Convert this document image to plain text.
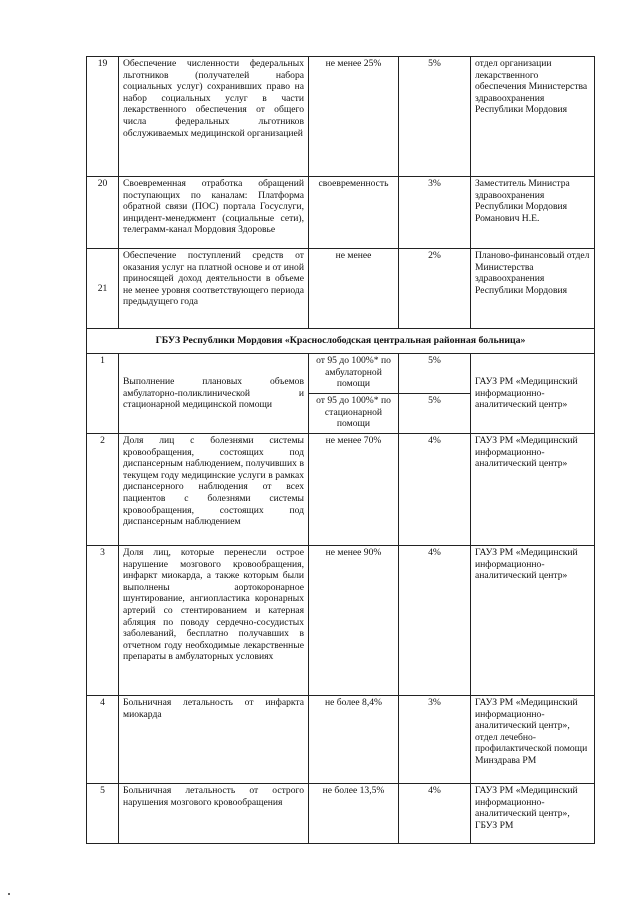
19	Обеспечение численности федеральных льготников (получателей набора социальных услуг) сохранивших право на набор социальных услуг в части лекарственного обеспечения от общего числа федеральных льготников обслуживаемых медицинской организацией	не менее 25%	5%	отдел организации лекарственного обеспечения Министерства здравоохранения Республики Мордовия
20	Своевременная отработка обращений поступающих по каналам: Платформа обратной связи (ПОС) портала Госуслуги, инцидент-менеджмент (социальные сети), телеграмм-канал Мордовия Здоровье	своевременность	3%	Заместитель Министра здравоохранения Республики Мордовия Романович Н.Е.
21	Обеспечение поступлений средств от оказания услуг на платной основе и от иной приносящей доход деятельности в объеме не менее уровня соответствующего периода предыдущего года	не менее	2%	Планово-финансовый отдел Министерства здравоохранения Республики Мордовия
ГБУЗ Республики Мордовия «Краснослободская центральная районная больница»				
1	Выполнение плановых объемов амбулаторно-поликлинической и стационарной медицинской помощи	от 95 до 100%* по амбулаторной помощи	5%	ГАУЗ РМ «Медицинский информационно-аналитический центр»
		от 95 до 100%* по стационарной помощи	5%	
2	Доля лиц с болезнями системы кровообращения, состоящих под диспансерным наблюдением, получивших в текущем году медицинские услуги в рамках диспансерного наблюдения от всех пациентов с болезнями системы кровообращения, состоящих под диспансерным наблюдением	не менее 70%	4%	ГАУЗ РМ «Медицинский информационно-аналитический центр»
3	Доля лиц, которые перенесли острое нарушение мозгового кровообращения, инфаркт миокарда, а также которым были выполнены аортокоронарное шунтирование, ангиопластика коронарных артерий со стентированием и катерная абляция по поводу сердечно-сосудистых заболеваний, бесплатно получавших в отчетном году необходимые лекарственные препараты в амбулаторных условиях	не менее 90%	4%	ГАУЗ РМ «Медицинский информационно-аналитический центр»
4	Больничная летальность от инфаркта миокарда	не более 8,4%	3%	ГАУЗ РМ «Медицинский информационно-аналитический центр», отдел лечебно-профилактической помощи Минздрава РМ
5	Больничная летальность от острого нарушения мозгового кровообращения	не более 13,5%	4%	ГАУЗ РМ «Медицинский информационно-аналитический центр», ГБУЗ РМ
